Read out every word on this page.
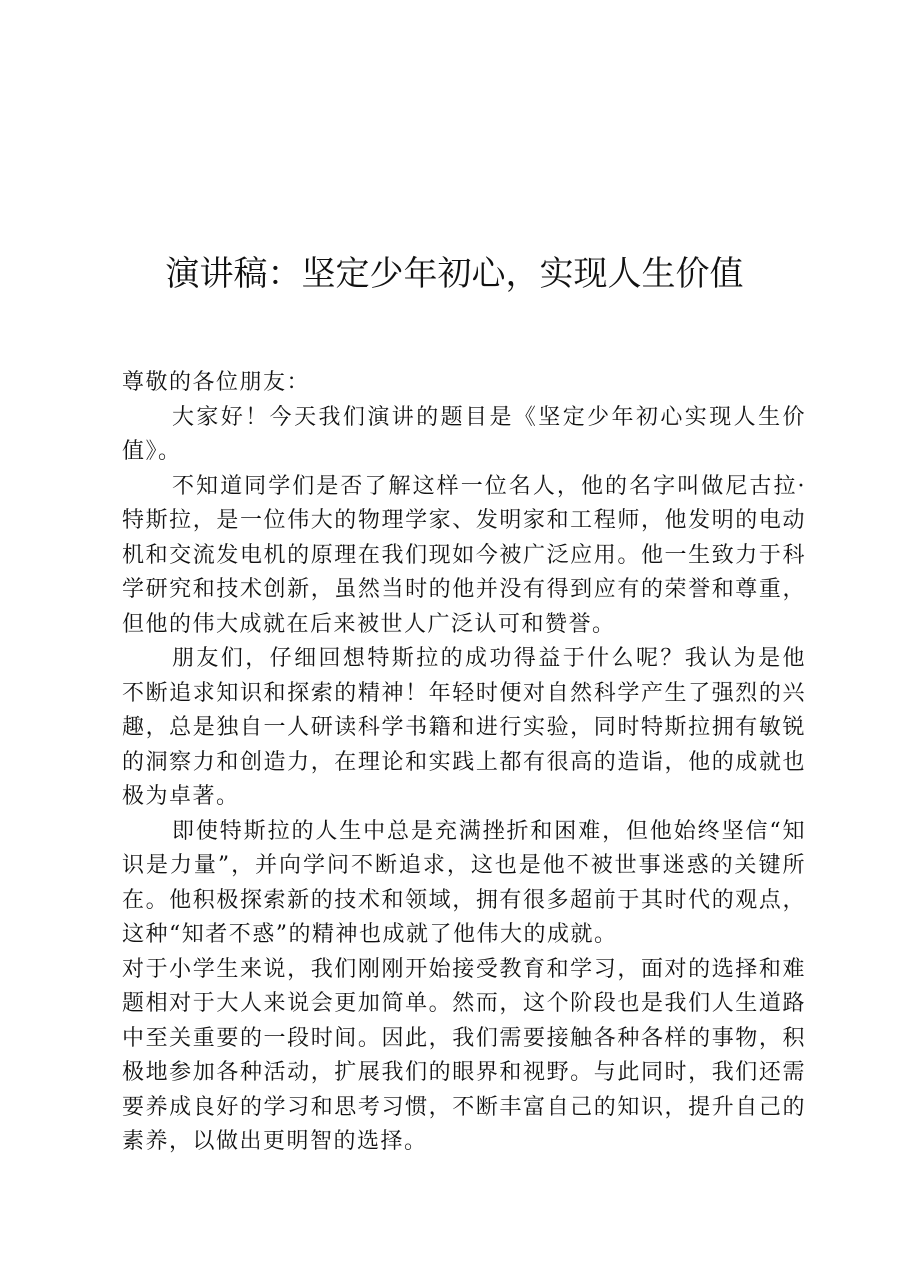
演讲稿：坚定少年初心，实现人生价值

尊敬的各位朋友：

大家好！今天我们演讲的题目是《坚定少年初心实现人生价值》。

不知道同学们是否了解这样一位名人，他的名字叫做尼古拉·特斯拉，是一位伟大的物理学家、发明家和工程师，他发明的电动机和交流发电机的原理在我们现如今被广泛应用。他一生致力于科学研究和技术创新，虽然当时的他并没有得到应有的荣誉和尊重，但他的伟大成就在后来被世人广泛认可和赞誉。

朋友们，仔细回想特斯拉的成功得益于什么呢？我认为是他不断追求知识和探索的精神！年轻时便对自然科学产生了强烈的兴趣，总是独自一人研读科学书籍和进行实验，同时特斯拉拥有敏锐的洞察力和创造力，在理论和实践上都有很高的造诣，他的成就也极为卓著。

即使特斯拉的人生中总是充满挫折和困难，但他始终坚信“知识是力量”，并向学问不断追求，这也是他不被世事迷惑的关键所在。他积极探索新的技术和领域，拥有很多超前于其时代的观点，这种“知者不惑”的精神也成就了他伟大的成就。

对于小学生来说，我们刚刚开始接受教育和学习，面对的选择和难题相对于大人来说会更加简单。然而，这个阶段也是我们人生道路中至关重要的一段时间。因此，我们需要接触各种各样的事物，积极地参加各种活动，扩展我们的眼界和视野。与此同时，我们还需要养成良好的学习和思考习惯，不断丰富自己的知识，提升自己的素养，以做出更明智的选择。
